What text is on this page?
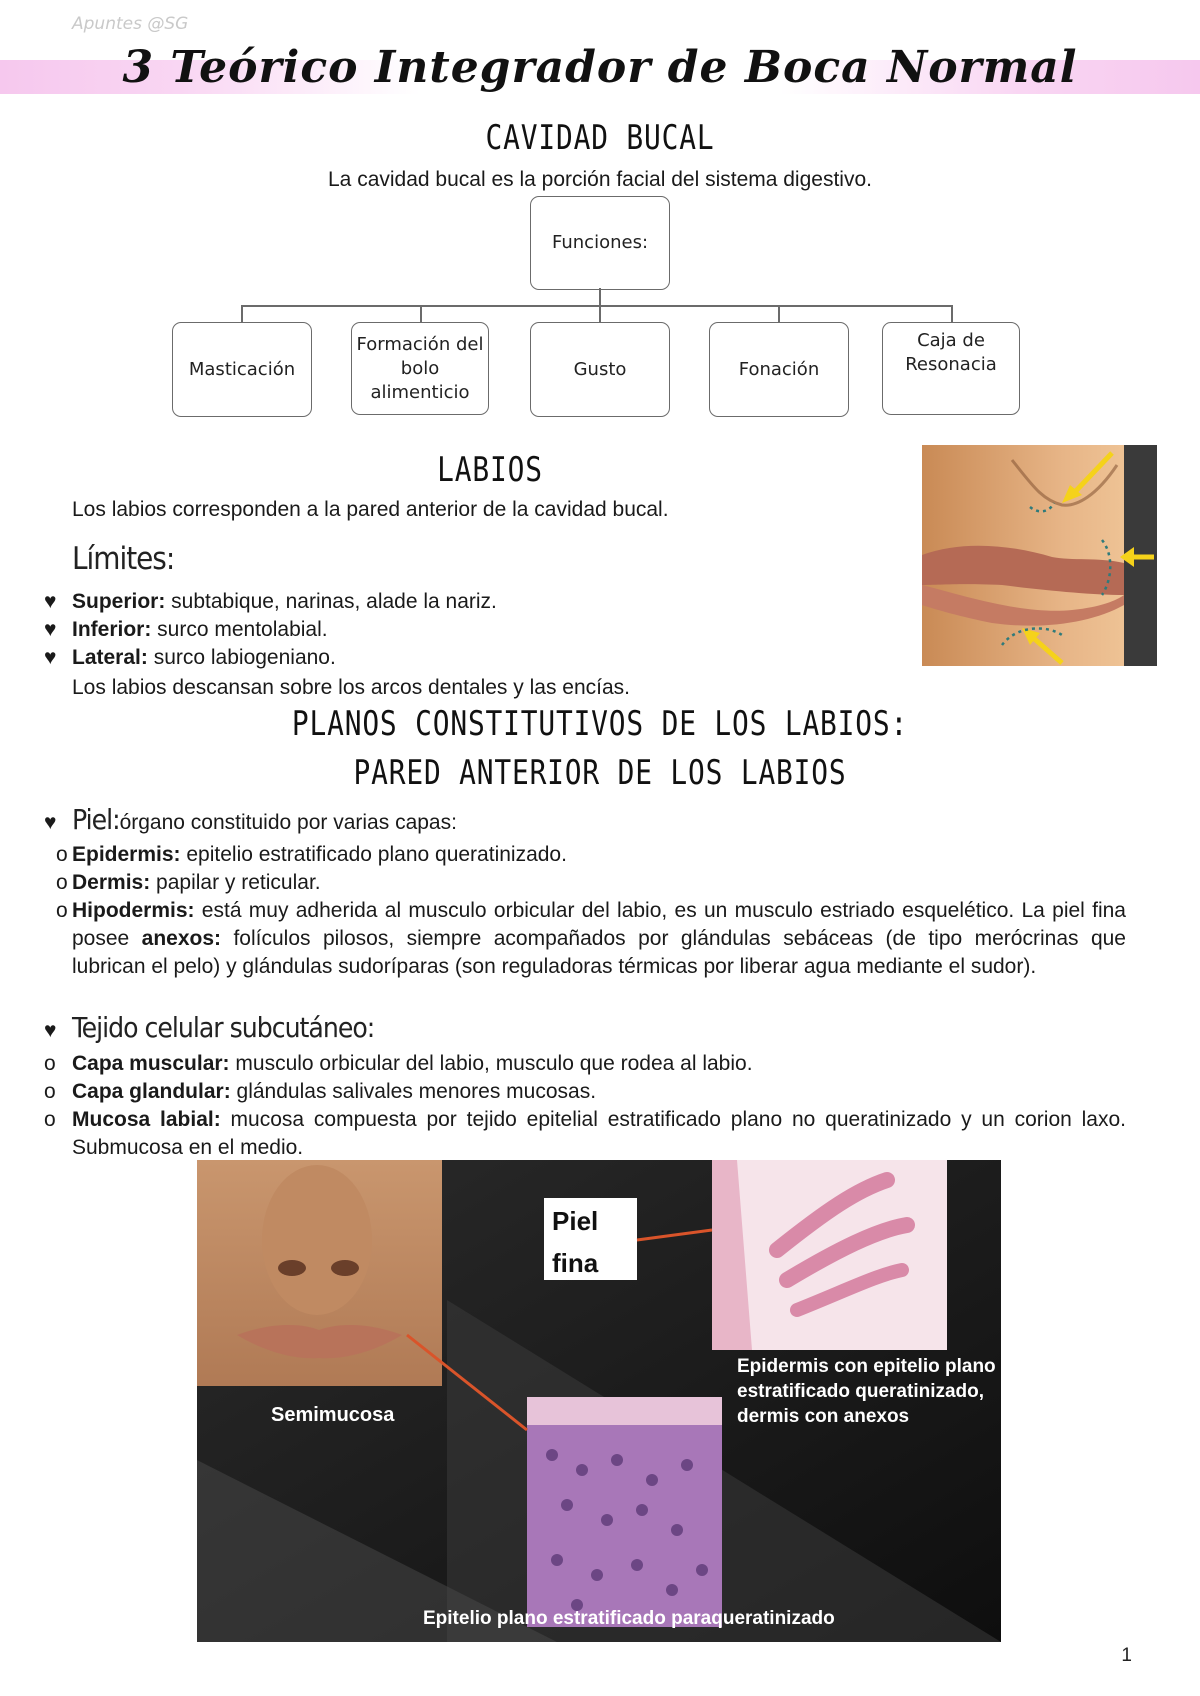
Apuntes @SG
3 Teórico Integrador de Boca Normal
CAVIDAD BUCAL
La cavidad bucal es la porción facial del sistema digestivo.
Funciones:
Masticación
Formación del bolo alimenticio
Gusto	Fonación
Caja de Resonacia
LABIOS
Los labios corresponden a la pared anterior de la cavidad bucal.
Límites:
♥ Superior: subtabique, narinas, alade la nariz.
♥ Inferior: surco mentolabial.
♥ Lateral: surco labiogeniano.
Los labios descansan sobre los arcos dentales y las encías.
PLANOS CONSTITUTIVOS DE LOS LABIOS:
PARED ANTERIOR DE LOS LABIOS
♥ Piel: órgano constituido por varias capas:
o Epidermis: epitelio estratificado plano queratinizado.
o Dermis: papilar y reticular.
o Hipodermis: está muy adherida al musculo orbicular del labio, es un musculo estriado esquelético. La piel fina posee anexos: folículos pilosos, siempre acompañados por glándulas sebáceas (de tipo merócrinas que lubrican el pelo) y glándulas sudoríparas (son reguladoras térmicas por liberar agua mediante el sudor).
♥ Tejido celular subcutáneo:
o Capa muscular: musculo orbicular del labio, musculo que rodea al labio.
o Capa glandular: glándulas salivales menores mucosas.
o Mucosa labial: mucosa compuesta por tejido epitelial estratificado plano no queratinizado y un corion laxo. Submucosa en el medio.
Piel fina
Semimucosa
Epidermis con epitelio plano estratificado queratinizado, dermis con anexos
Epitelio plano estratificado paraqueratinizado
1
